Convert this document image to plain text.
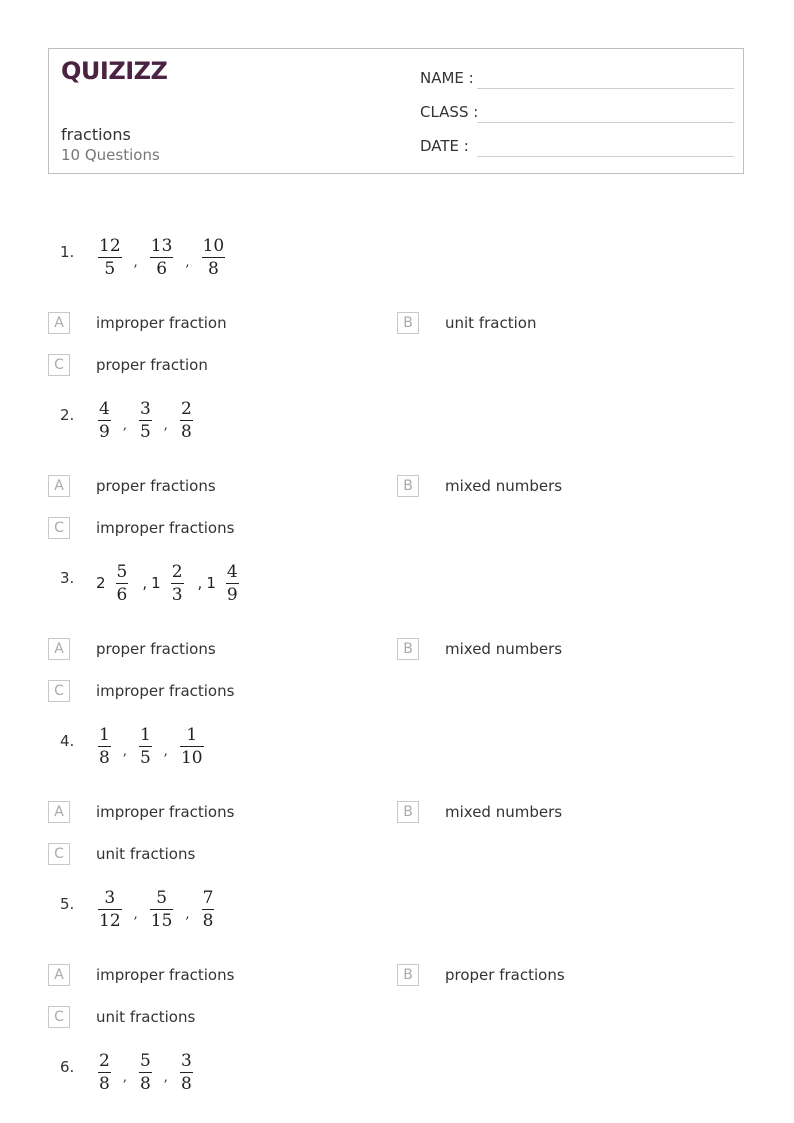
QUIZIZZ
fractions
10 Questions
NAME :
CLASS :
DATE :
1. $\frac{12}{5}$ , $\frac{13}{6}$ , $\frac{10}{8}$
A	improper fraction	B	unit fraction
C	proper fraction
2. $\frac{4}{9}$ , $\frac{3}{5}$ , $\frac{2}{8}$
A	proper fractions	B	mixed numbers
C	improper fractions
3. $2 \frac{5}{6}$ , $1 \frac{2}{3}$ , $1 \frac{4}{9}$
A	proper fractions	B	mixed numbers
C	improper fractions
4. $\frac{1}{8}$ , $\frac{1}{5}$ , $\frac{1}{10}$
A	improper fractions	B	mixed numbers
C	unit fractions
5. $\frac{3}{12}$ , $\frac{5}{15}$ , $\frac{7}{8}$
A	improper fractions	B	proper fractions
C	unit fractions
6. $\frac{2}{8}$ , $\frac{5}{8}$ , $\frac{3}{8}$
